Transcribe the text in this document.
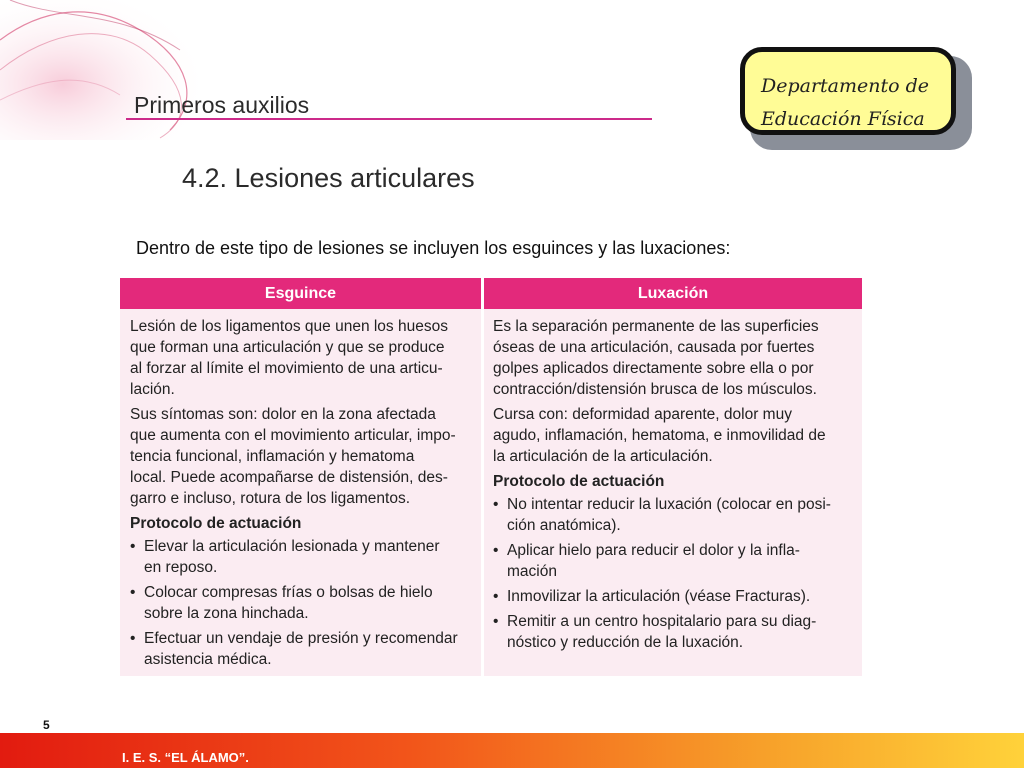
Primeros auxilios
Departamento de
Educación Física
4.2. Lesiones articulares
Dentro de este tipo de lesiones se incluyen los esguinces y las luxaciones:
Esguince	Luxación
Lesión de los ligamentos que unen los huesos
que forman una articulación y que se produce
al forzar al límite el movimiento de una articu-
lación.
Sus síntomas son: dolor en la zona afectada
que aumenta con el movimiento articular, impo-
tencia funcional, inflamación y hematoma
local. Puede acompañarse de distensión, des-
garro e incluso, rotura de los ligamentos.
Protocolo de actuación
• Elevar la articulación lesionada y mantener
en reposo.
• Colocar compresas frías o bolsas de hielo
sobre la zona hinchada.
• Efectuar un vendaje de presión y recomendar
asistencia médica.
Es la separación permanente de las superficies
óseas de una articulación, causada por fuertes
golpes aplicados directamente sobre ella o por
contracción/distensión brusca de los músculos.
Cursa con: deformidad aparente, dolor muy
agudo, inflamación, hematoma, e inmovilidad de
la articulación de la articulación.
Protocolo de actuación
• No intentar reducir la luxación (colocar en posi-
ción anatómica).
• Aplicar hielo para reducir el dolor y la infla-
mación
• Inmovilizar la articulación (véase Fracturas).
• Remitir a un centro hospitalario para su diag-
nóstico y reducción de la luxación.
5
I. E. S. “EL ÁLAMO”.
